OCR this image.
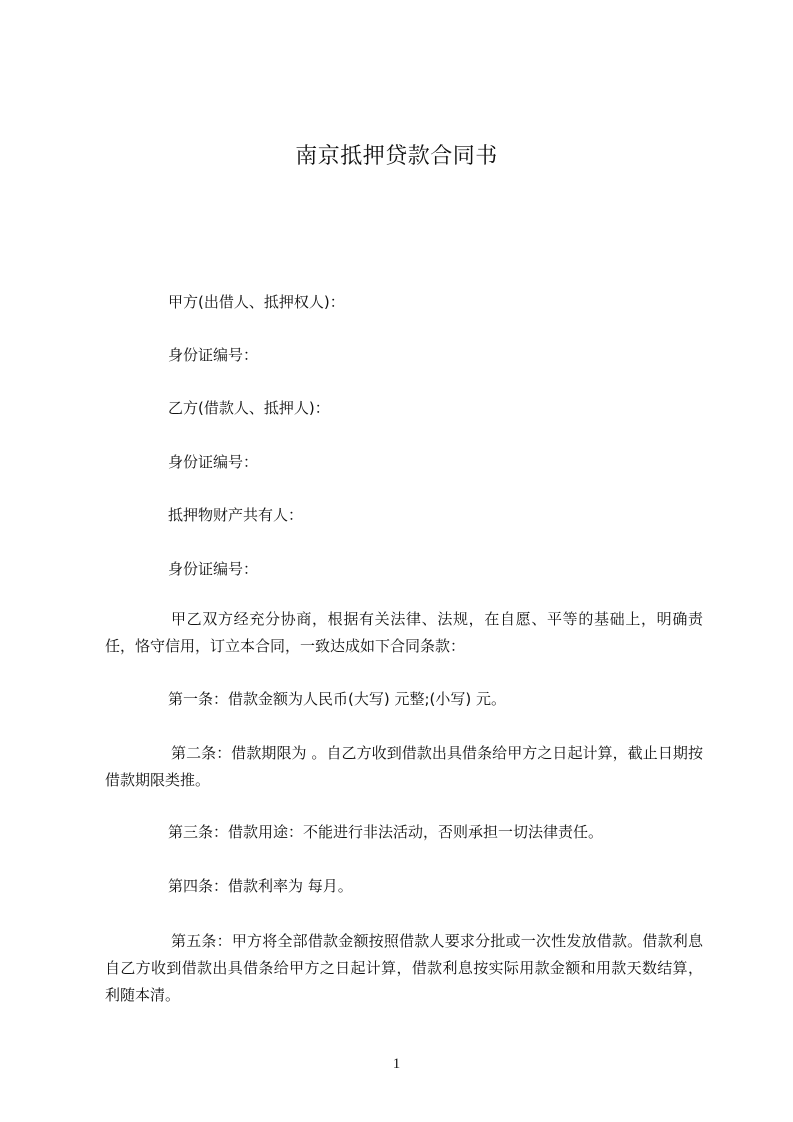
南京抵押贷款合同书
甲方(出借人、抵押权人)：
身份证编号：
乙方(借款人、抵押人)：
身份证编号：
抵押物财产共有人：
身份证编号：
甲乙双方经充分协商，根据有关法律、法规，在自愿、平等的基础上，明确责任，恪守信用，订立本合同，一致达成如下合同条款：
第一条：借款金额为人民币(大写) 元整;(小写) 元。
第二条：借款期限为 。自乙方收到借款出具借条给甲方之日起计算，截止日期按借款期限类推。
第三条：借款用途：不能进行非法活动，否则承担一切法律责任。
第四条：借款利率为 每月。
第五条：甲方将全部借款金额按照借款人要求分批或一次性发放借款。借款利息自乙方收到借款出具借条给甲方之日起计算，借款利息按实际用款金额和用款天数结算，利随本清。
1
